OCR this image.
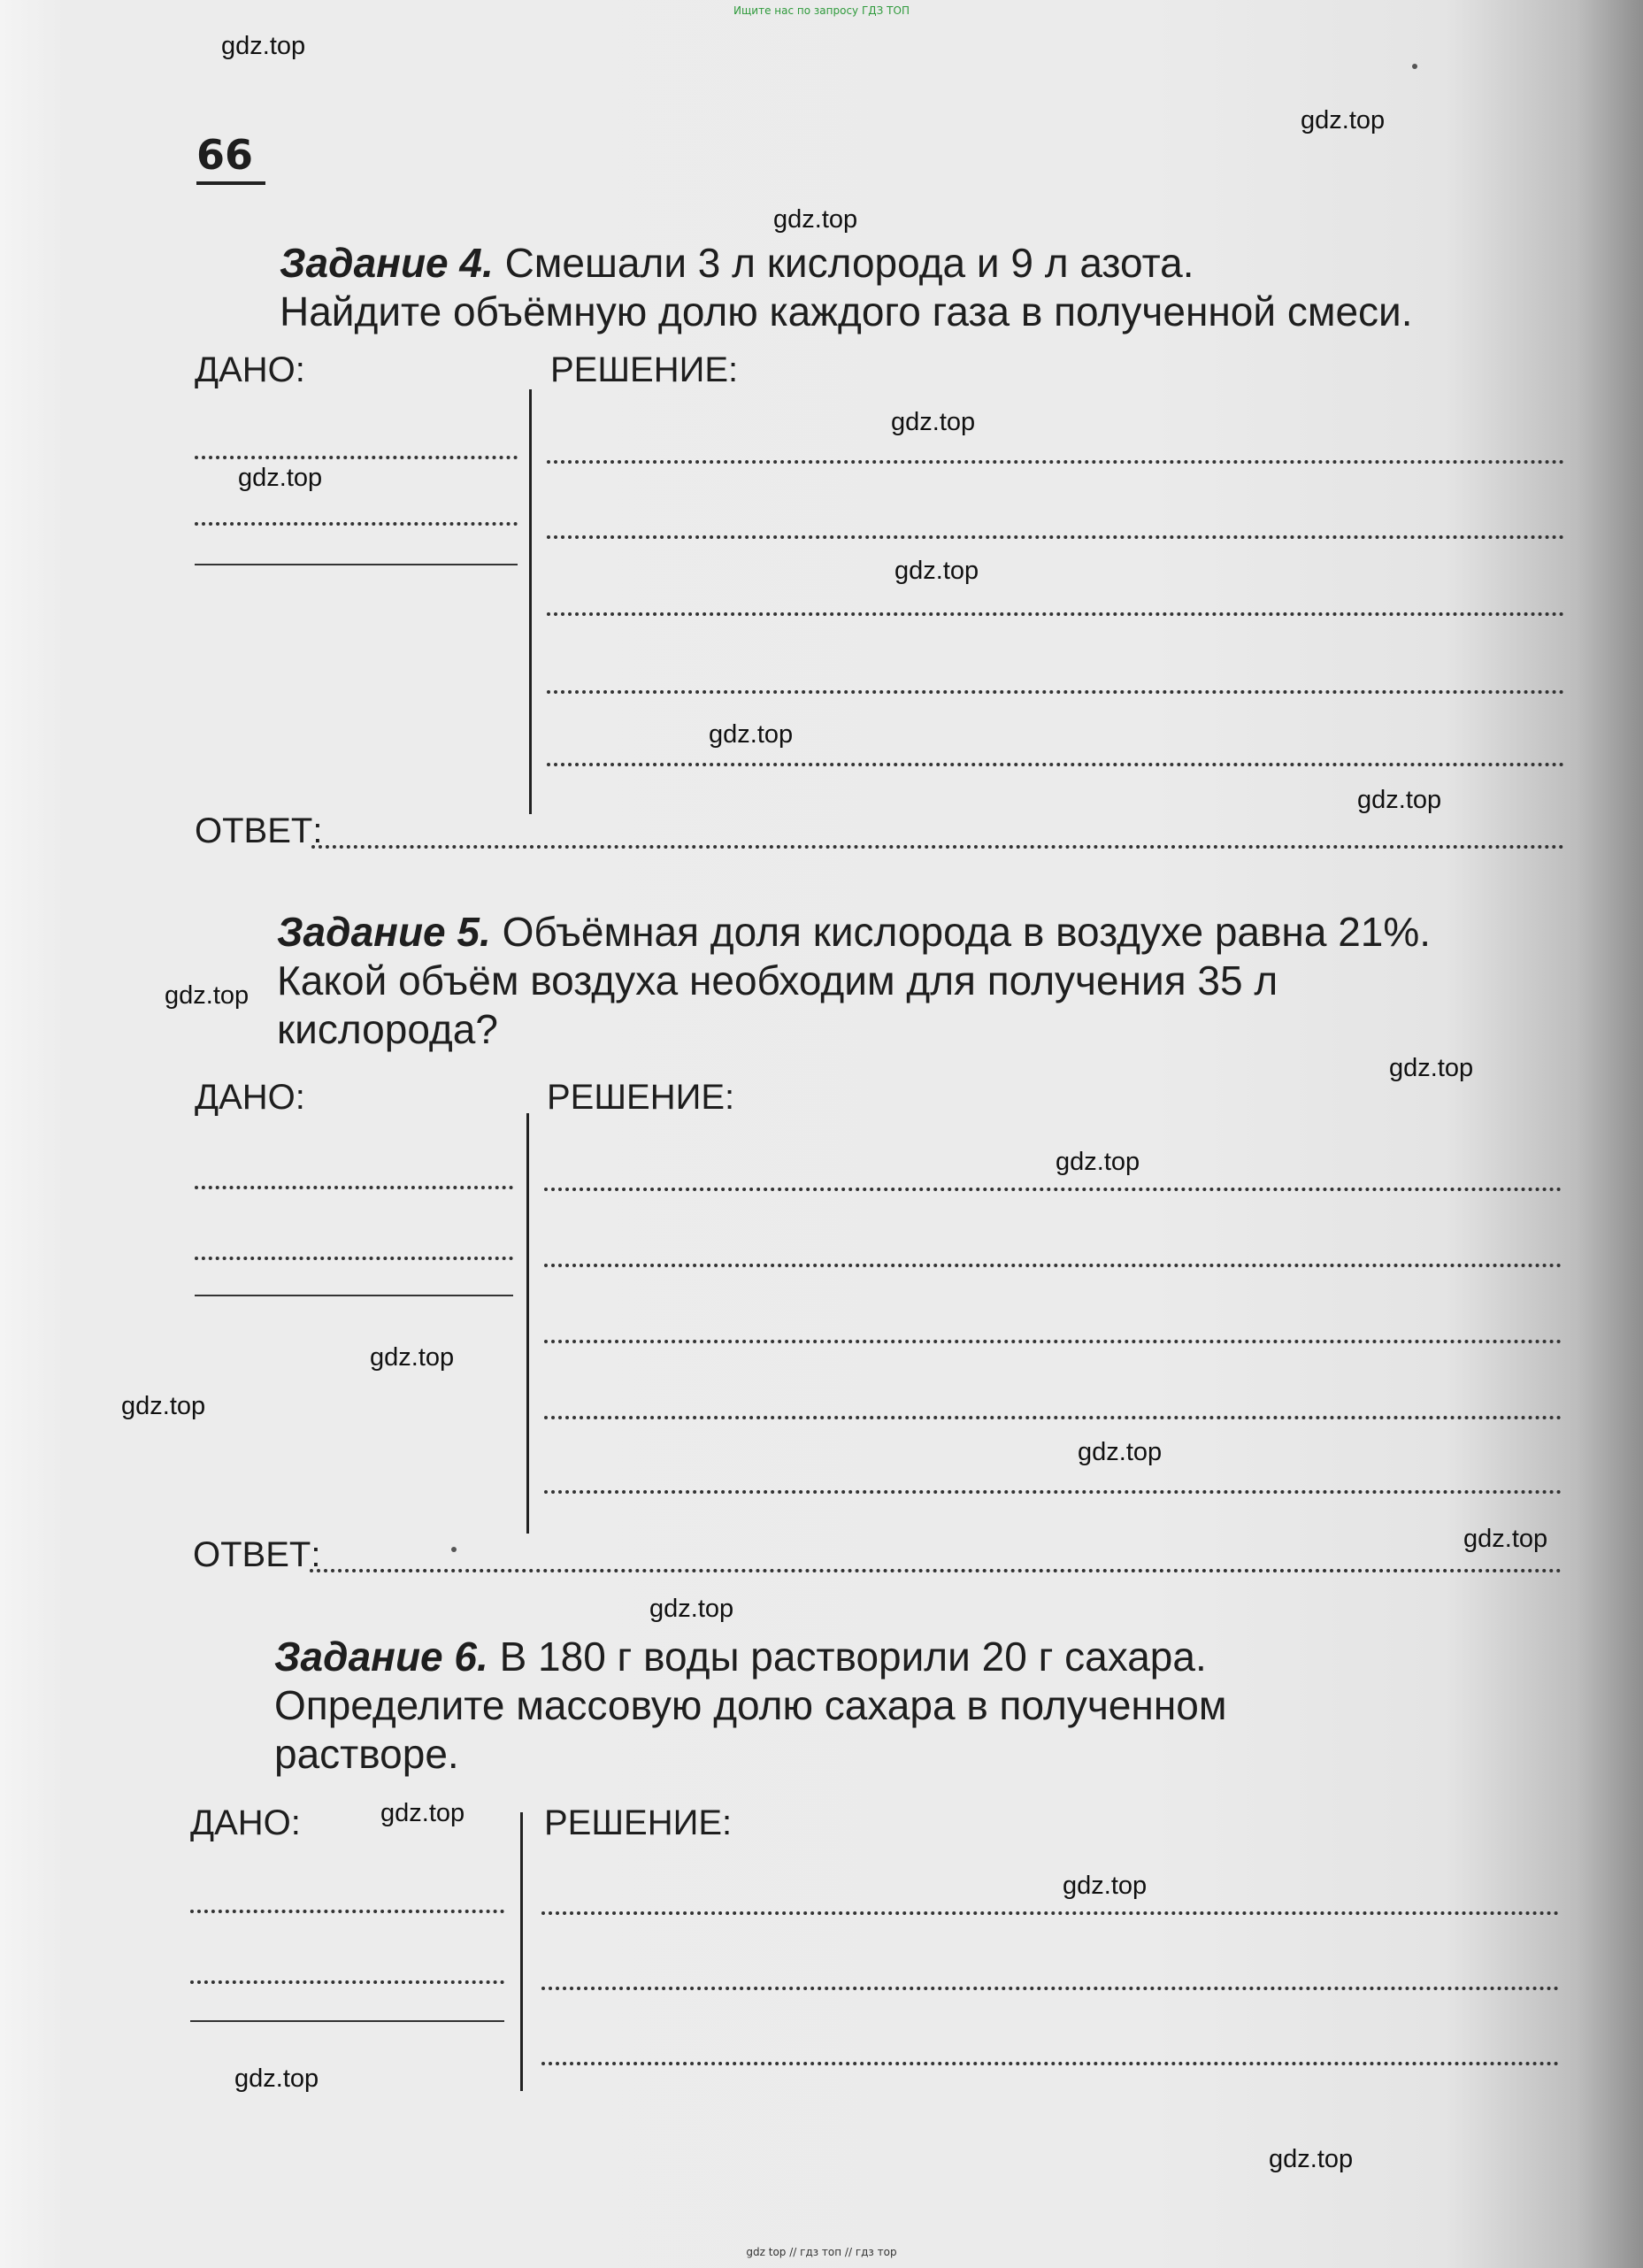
Ищите нас по запросу ГДЗ ТОП
gdz.top
gdz.top
gdz.top
gdz.top
gdz.top
gdz.top
gdz.top
gdz.top
gdz.top
gdz.top
gdz.top
gdz.top
gdz.top
gdz.top
gdz.top
gdz.top
gdz.top
gdz.top
gdz.top
gdz.top
66
Задание 4. Смешали 3 л кислорода и 9 л азота.
Найдите объёмную долю каждого газа в полученной смеси.
ДАНО:	РЕШЕНИЕ:
ОТВЕТ:
Задание 5. Объёмная доля кислорода в воздухе равна 21%.
Какой объём воздуха необходим для получения 35 л
кислорода?
ДАНО:	РЕШЕНИЕ:
ОТВЕТ:
Задание 6. В 180 г воды растворили 20 г сахара.
Определите массовую долю сахара в полученном
растворе.
ДАНО:	РЕШЕНИЕ:
gdz top // гдз топ // гдз тор
